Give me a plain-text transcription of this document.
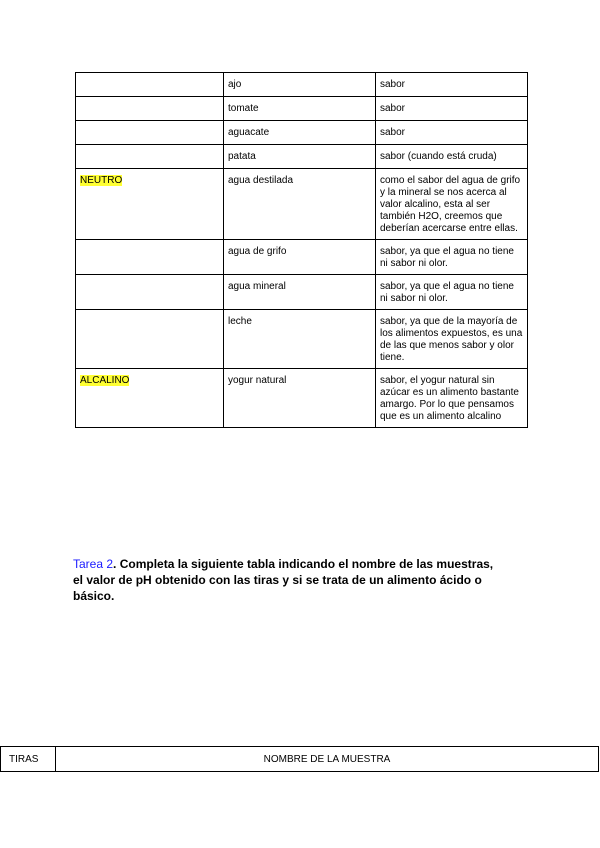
	ajo	sabor
	tomate	sabor
	aguacate	sabor
	patata	sabor (cuando está cruda)
NEUTRO	agua destilada	como el sabor del agua de grifo y la mineral se nos acerca al valor alcalino, esta al ser también H2O, creemos que deberían acercarse entre ellas.
	agua de grifo	sabor, ya que el agua no tiene ni sabor ni olor.
	agua mineral	sabor, ya que el agua no tiene ni sabor ni olor.
	leche	sabor, ya que de la mayoría de los alimentos expuestos, es una de las que menos sabor y olor tiene.
ALCALINO	yogur natural	sabor, el yogur natural sin azúcar es un alimento bastante amargo. Por lo que pensamos que es un alimento alcalino
Tarea 2. Completa la siguiente tabla indicando el nombre de las muestras, el valor de pH obtenido con las tiras y si se trata de un alimento ácido o básico.
TIRAS	NOMBRE DE LA MUESTRA
